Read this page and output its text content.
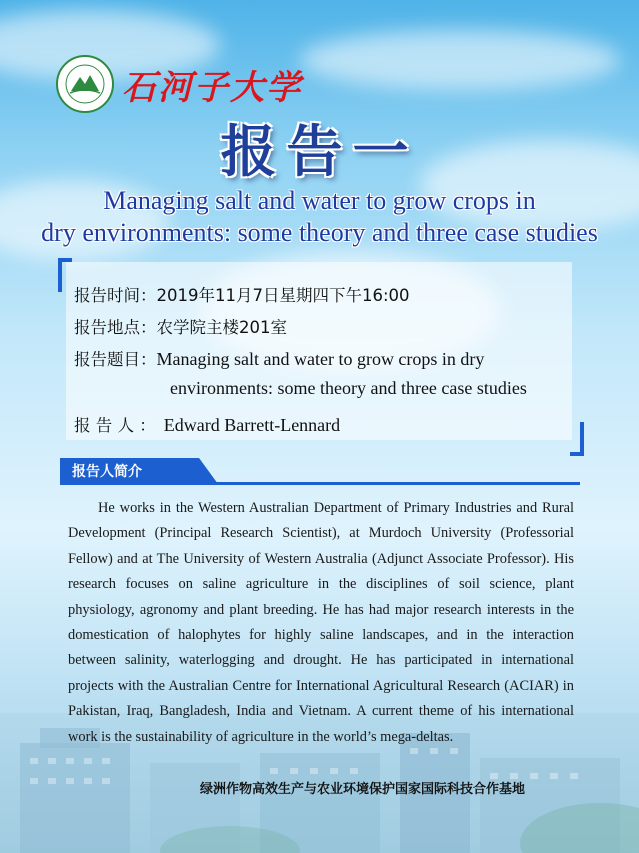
石河子大学
报告一
Managing salt and water to grow crops in
dry environments: some theory and three case studies
报告时间：2019年11月7日星期四下午16:00
报告地点：农学院主楼201室
报告题目：Managing salt and water to grow crops in dry
environments: some theory and three case studies
报 告 人 ： Edward Barrett-Lennard
报告人简介
He works in the Western Australian Department of Primary Industries and Rural Development (Principal Research Scientist), at Murdoch University (Professorial Fellow) and at The University of Western Australia (Adjunct Associate Professor). His research focuses on saline agriculture in the disciplines of soil science, plant physiology, agronomy and plant breeding. He has had major research interests in the domestication of halophytes for highly saline landscapes, and in the interaction between salinity, waterlogging and drought. He has participated in international projects with the Australian Centre for International Agricultural Research (ACIAR) in Pakistan, Iraq, Bangladesh, India and Vietnam. A current theme of his international work is the sustainability of agriculture in the world’s mega-deltas.
绿洲作物高效生产与农业环境保护国家国际科技合作基地
